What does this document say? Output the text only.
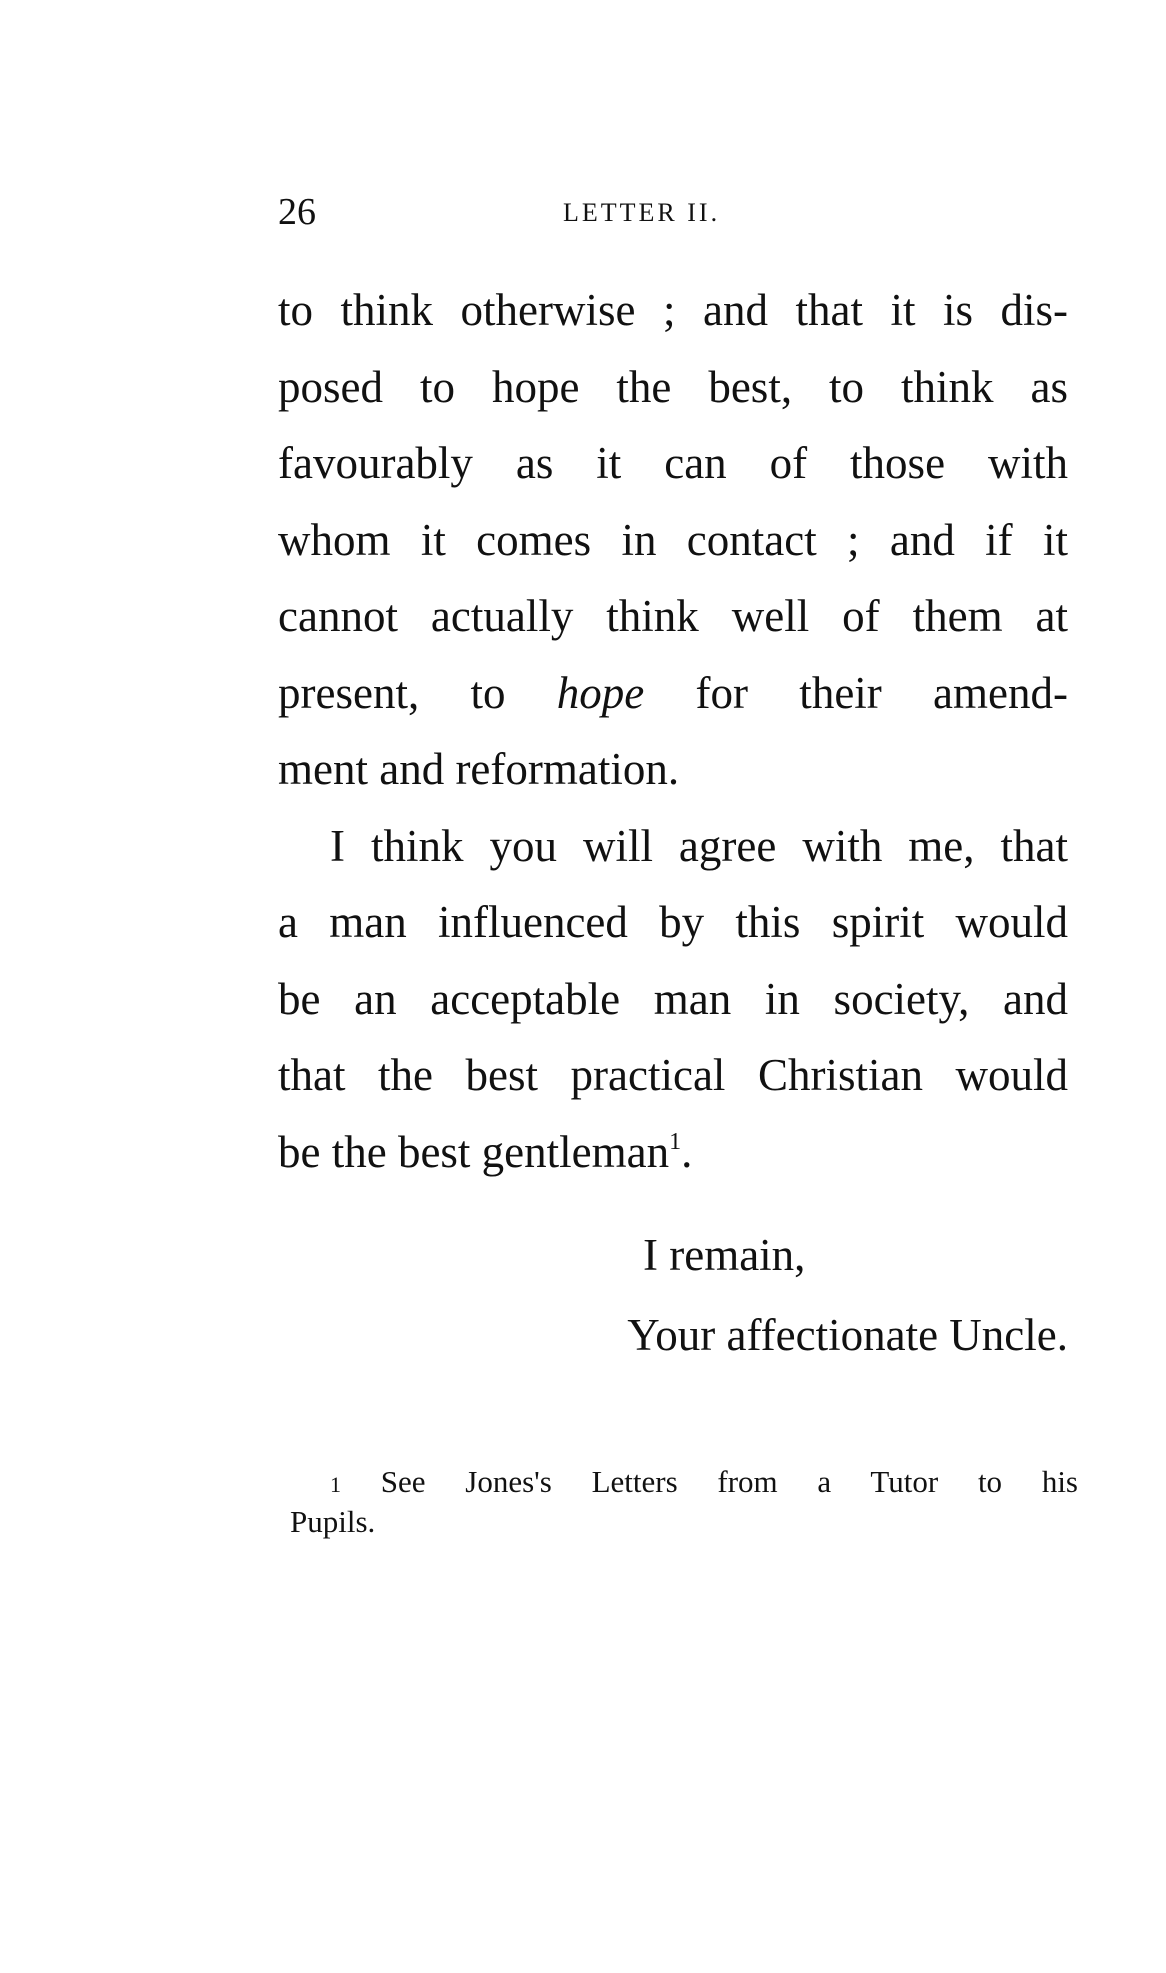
26	LETTER II.
to think otherwise ; and that it is dis-
posed to hope the best, to think as
favourably as it can of those with
whom it comes in contact ; and if it
cannot actually think well of them at
present, to hope for their amend-
ment and reformation.
I think you will agree with me, that
a man influenced by this spirit would
be an acceptable man in society, and
that the best practical Christian would
be the best gentleman$^1$.
I remain,
Your affectionate Uncle.
1 See Jones's Letters from a Tutor to his
Pupils.
